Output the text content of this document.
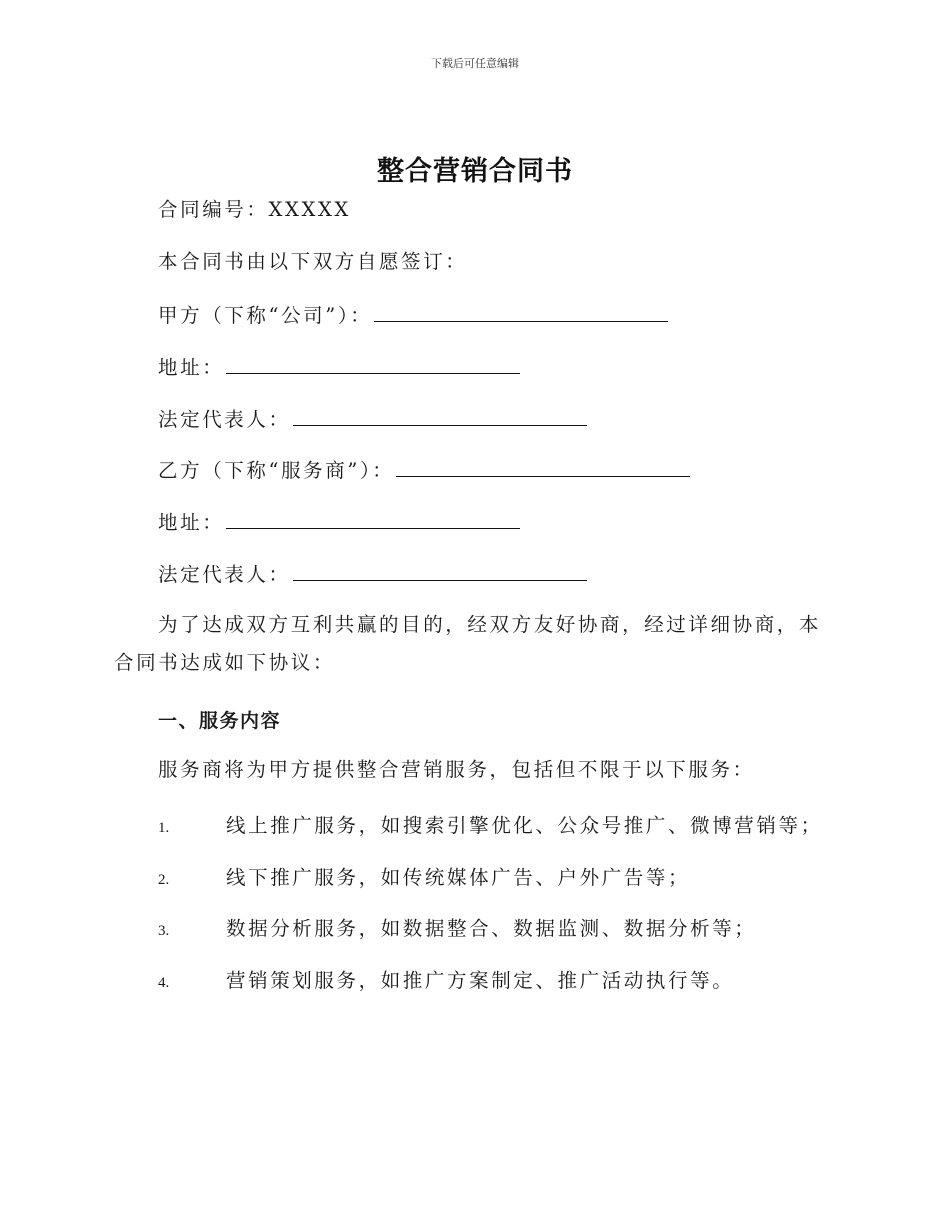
下载后可任意编辑
整合营销合同书
合同编号：XXXXX
本合同书由以下双方自愿签订：
甲方（下称“公司”）：
地址：
法定代表人：
乙方（下称“服务商”）：
地址：
法定代表人：
为了达成双方互利共赢的目的，经双方友好协商，经过详细协商，本合同书达成如下协议：
一、服务内容
服务商将为甲方提供整合营销服务，包括但不限于以下服务：
1.	线上推广服务，如搜索引擎优化、公众号推广、微博营销等；
2.	线下推广服务，如传统媒体广告、户外广告等；
3.	数据分析服务，如数据整合、数据监测、数据分析等；
4.	营销策划服务，如推广方案制定、推广活动执行等。
